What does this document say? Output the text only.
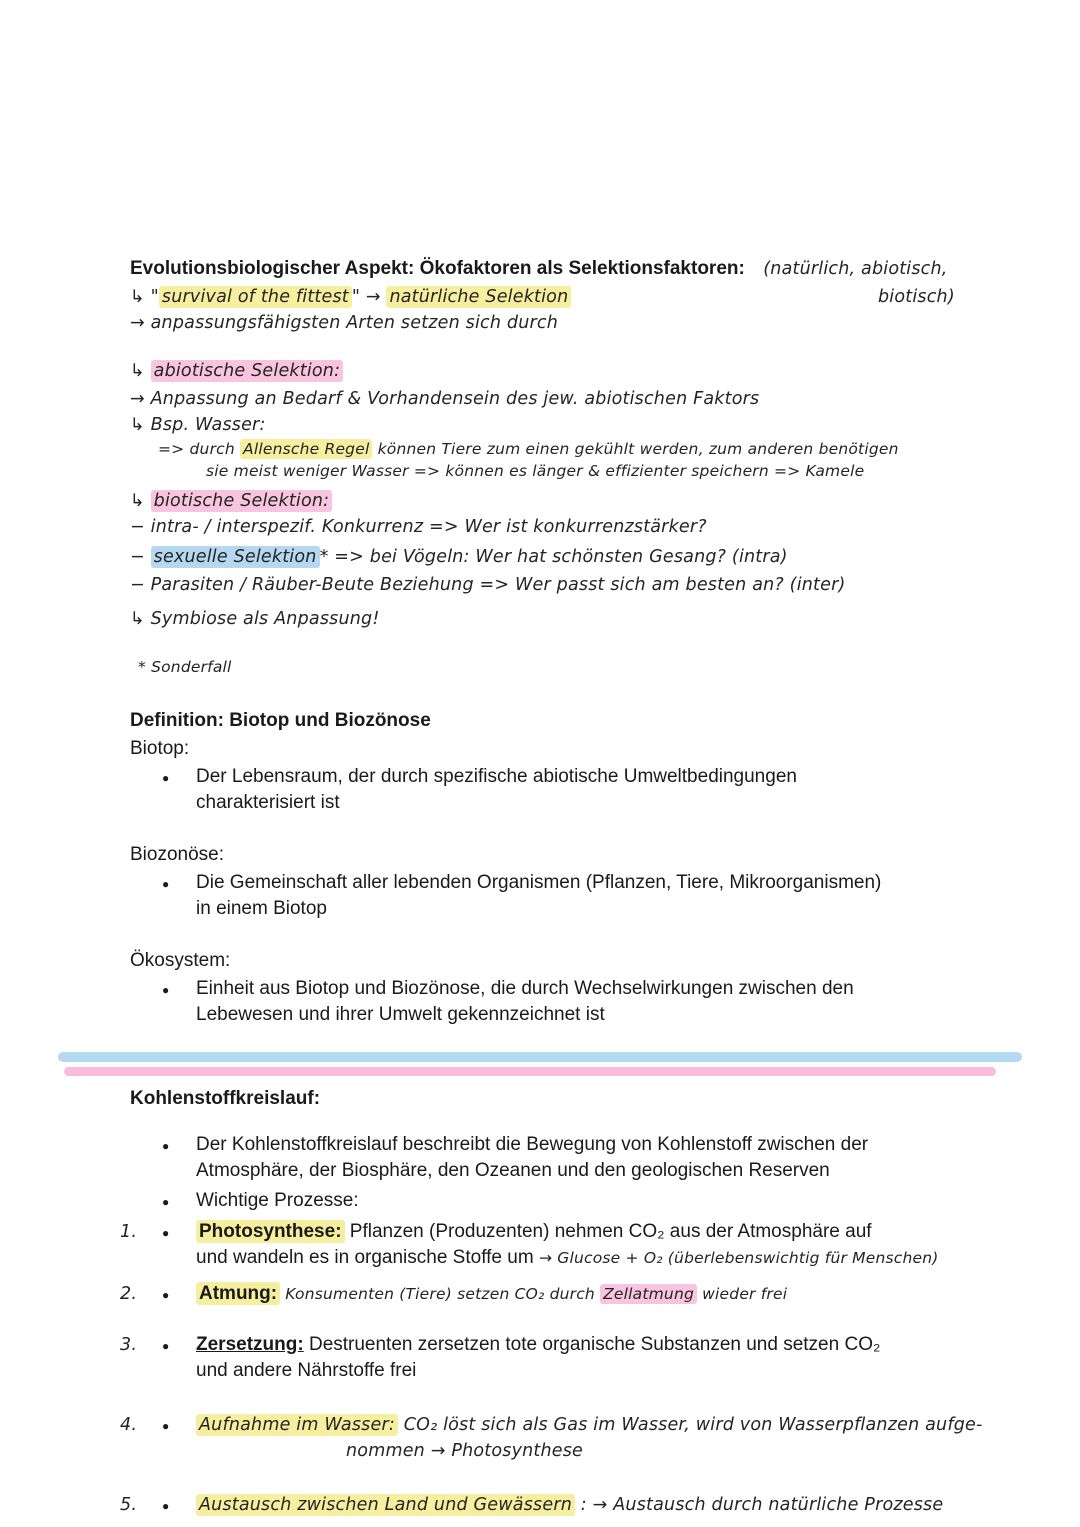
Evolutionsbiologischer Aspekt: Ökofaktoren als Selektionsfaktoren: (natürlich, abiotisch,
↳ " survival of the fittest " → natürliche Selektion	biotisch)
→ anpassungsfähigsten Arten setzen sich durch
↳ abiotische Selektion:
→ Anpassung an Bedarf & Vorhandensein des jew. abiotischen Faktors
↳ Bsp. Wasser:
=> durch Allensche Regel können Tiere zum einen gekühlt werden, zum anderen benötigen
sie meist weniger Wasser => können es länger & effizienter speichern => Kamele
↳ biotische Selektion:
− intra- / interspezif. Konkurrenz => Wer ist konkurrenzstärker?
− sexuelle Selektion * => bei Vögeln: Wer hat schönsten Gesang? (intra)
− Parasiten / Räuber-Beute Beziehung => Wer passt sich am besten an? (inter)
↳ Symbiose als Anpassung!
* Sonderfall
Definition: Biotop und Biozönose
Biotop:
●	Der Lebensraum, der durch spezifische abiotische Umweltbedingungen
charakterisiert ist
Biozonöse:
●	Die Gemeinschaft aller lebenden Organismen (Pflanzen, Tiere, Mikroorganismen)
in einem Biotop
Ökosystem:
●	Einheit aus Biotop und Biozönose, die durch Wechselwirkungen zwischen den
Lebewesen und ihrer Umwelt gekennzeichnet ist
Kohlenstoffkreislauf:
●	Der Kohlenstoffkreislauf beschreibt die Bewegung von Kohlenstoff zwischen der
Atmosphäre, der Biosphäre, den Ozeanen und den geologischen Reserven
●	Wichtige Prozesse:
1.	●	Photosynthese: Pflanzen (Produzenten) nehmen CO₂ aus der Atmosphäre auf
und wandeln es in organische Stoffe um → Glucose + O₂ (überlebenswichtig für Menschen)
2.	●	Atmung: Konsumenten (Tiere) setzen CO₂ durch Zellatmung wieder frei
3.	●	Zersetzung: Destruenten zersetzen tote organische Substanzen und setzen CO₂
und andere Nährstoffe frei
4.	●	Aufnahme im Wasser: CO₂ löst sich als Gas im Wasser, wird von Wasserpflanzen aufge-
nommen → Photosynthese
5.	●	Austausch zwischen Land und Gewässern : → Austausch durch natürliche Prozesse
